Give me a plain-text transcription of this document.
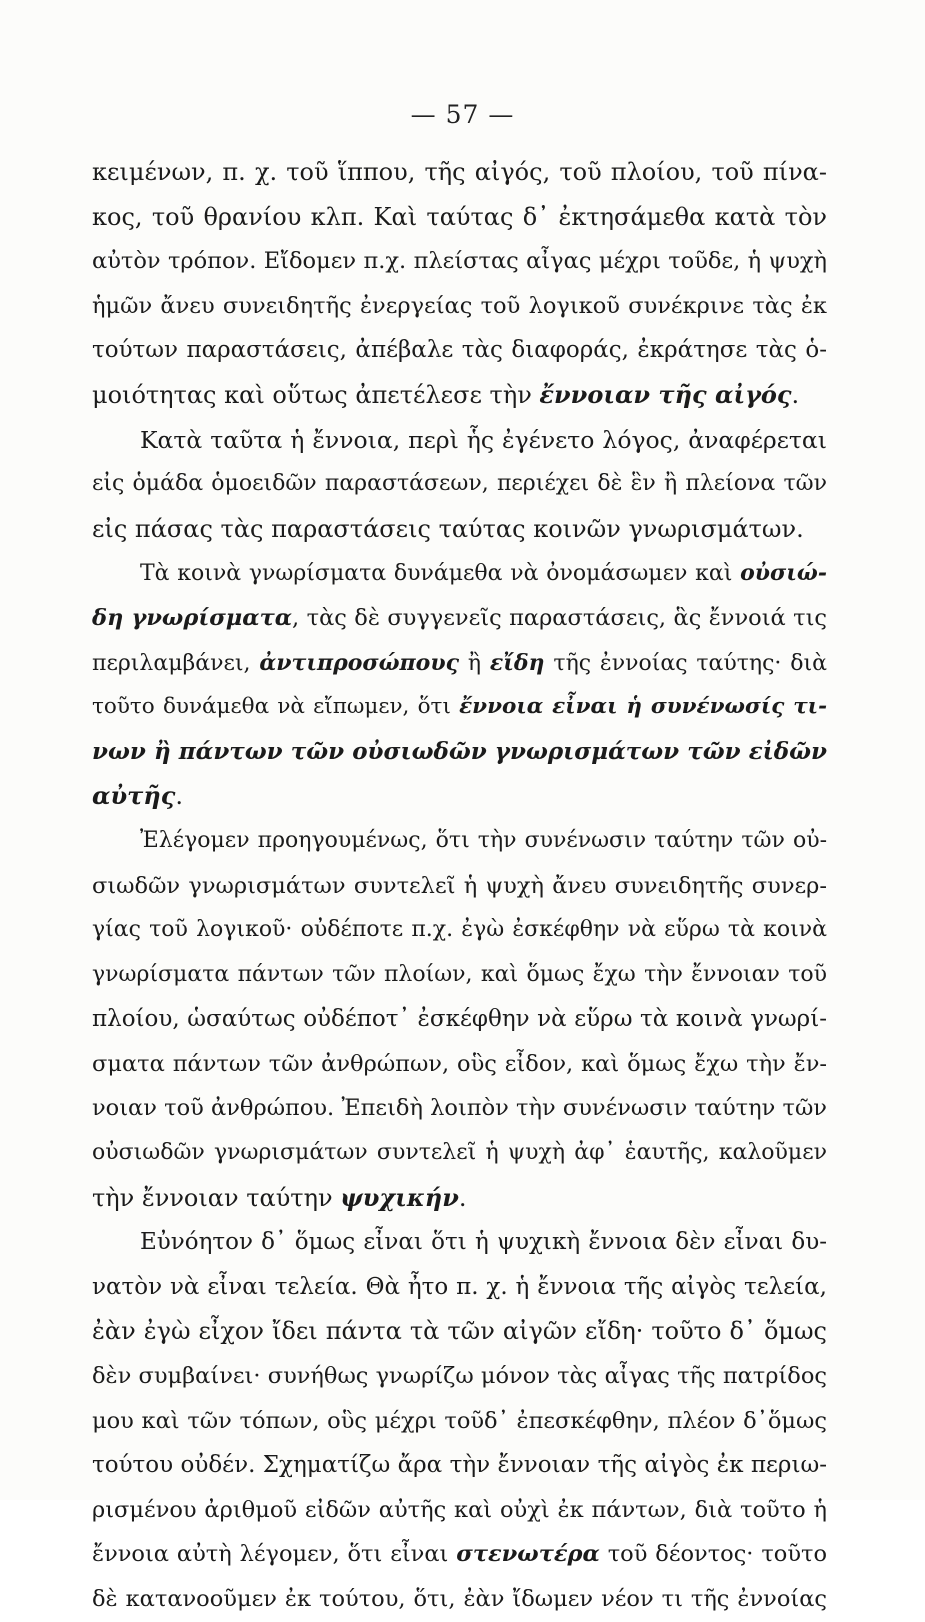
— 57 —
κειμένων, π. χ. τοῦ ἵππου, τῆς αἰγός, τοῦ πλοίου, τοῦ πίνα-
κος, τοῦ θρανίου κλπ. Καὶ ταύτας δ᾿ ἐκτησάμεθα κατὰ τὸν
αὐτὸν τρόπον. Εἴδομεν π.χ. πλείστας αἶγας μέχρι τοῦδε, ἡ ψυχὴ
ἡμῶν ἄνευ συνειδητῆς ἐνεργείας τοῦ λογικοῦ συνέκρινε τὰς ἐκ
τούτων παραστάσεις, ἀπέβαλε τὰς διαφοράς, ἐκράτησε τὰς ὁ-
μοιότητας καὶ οὕτως ἀπετέλεσε τὴν ἔννοιαν τῆς αἰγός.
Κατὰ ταῦτα ἡ ἔννοια, περὶ ἧς ἐγένετο λόγος, ἀναφέρεται
εἰς ὁμάδα ὁμοειδῶν παραστάσεων, περιέχει δὲ ἓν ἢ πλείονα τῶν
εἰς πάσας τὰς παραστάσεις ταύτας κοινῶν γνωρισμάτων.
Τὰ κοινὰ γνωρίσματα δυνάμεθα νὰ ὀνομάσωμεν καὶ οὐσιώ-
δη γνωρίσματα, τὰς δὲ συγγενεῖς παραστάσεις, ἃς ἔννοιά τις
περιλαμβάνει, ἀντιπροσώπους ἢ εἴδη τῆς ἐννοίας ταύτης· διὰ
τοῦτο δυνάμεθα νὰ εἴπωμεν, ὅτι ἔννοια εἶναι ἡ συνένωσίς τι-
νων ἢ πάντων τῶν οὐσιωδῶν γνωρισμάτων τῶν εἰδῶν
αὐτῆς.
Ἐλέγομεν προηγουμένως, ὅτι τὴν συνένωσιν ταύτην τῶν οὐ-
σιωδῶν γνωρισμάτων συντελεῖ ἡ ψυχὴ ἄνευ συνειδητῆς συνερ-
γίας τοῦ λογικοῦ· οὐδέποτε π.χ. ἐγὼ ἐσκέφθην νὰ εὕρω τὰ κοινὰ
γνωρίσματα πάντων τῶν πλοίων, καὶ ὅμως ἔχω τὴν ἔννοιαν τοῦ
πλοίου, ὡσαύτως οὐδέποτ᾿ ἐσκέφθην νὰ εὕρω τὰ κοινὰ γνωρί-
σματα πάντων τῶν ἀνθρώπων, οὓς εἶδον, καὶ ὅμως ἔχω τὴν ἔν-
νοιαν τοῦ ἀνθρώπου. Ἐπειδὴ λοιπὸν τὴν συνένωσιν ταύτην τῶν
οὐσιωδῶν γνωρισμάτων συντελεῖ ἡ ψυχὴ ἀφ᾿ ἑαυτῆς, καλοῦμεν
τὴν ἔννοιαν ταύτην ψυχικήν.
Εὐνόητον δ᾿ ὅμως εἶναι ὅτι ἡ ψυχικὴ ἔννοια δὲν εἶναι δυ-
νατὸν νὰ εἶναι τελεία. Θὰ ἦτο π. χ. ἡ ἔννοια τῆς αἰγὸς τελεία,
ἐὰν ἐγὼ εἶχον ἴδει πάντα τὰ τῶν αἰγῶν εἴδη· τοῦτο δ᾿ ὅμως
δὲν συμβαίνει· συνήθως γνωρίζω μόνον τὰς αἶγας τῆς πατρίδος
μου καὶ τῶν τόπων, οὓς μέχρι τοῦδ᾿ ἐπεσκέφθην, πλέον δ᾿ὅμως
τούτου οὐδέν. Σχηματίζω ἄρα τὴν ἔννοιαν τῆς αἰγὸς ἐκ περιω-
ρισμένου ἀριθμοῦ εἰδῶν αὐτῆς καὶ οὐχὶ ἐκ πάντων, διὰ τοῦτο ἡ
ἔννοια αὐτὴ λέγομεν, ὅτι εἶναι στενωτέρα τοῦ δέοντος· τοῦτο
δὲ κατανοοῦμεν ἐκ τούτου, ὅτι, ἐὰν ἴδωμεν νέον τι τῆς ἐννοίας
